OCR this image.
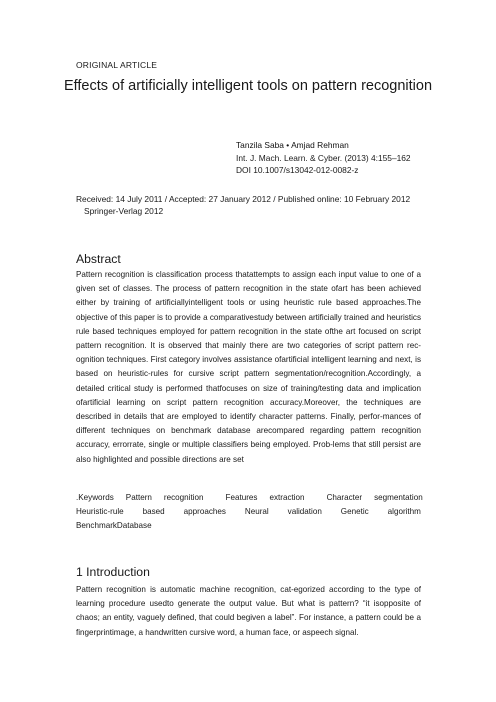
ORIGINAL ARTICLE
Effects of artificially intelligent tools on pattern recognition
Tanzila Saba • Amjad Rehman
Int. J. Mach. Learn. & Cyber. (2013) 4:155–162
DOI 10.1007/s13042-012-0082-z
Received: 14 July 2011 / Accepted: 27 January 2012 / Published online: 10 February 2012
Springer-Verlag 2012
Abstract
Pattern recognition is classification process thatattempts to assign each input value to one of a given set of classes. The process of pattern recognition in the state ofart has been achieved either by training of artificiallyintelligent tools or using heuristic rule based approaches.The objective of this paper is to provide a comparativestudy between artificially trained and heuristics rule based techniques employed for pattern recognition in the state ofthe art focused on script pattern recognition. It is observed that mainly there are two categories of script pattern rec-ognition techniques. First category involves assistance ofartificial intelligent learning and next, is based on heuristic-rules for cursive script pattern segmentation/recognition.Accordingly, a detailed critical study is performed thatfocuses on size of training/testing data and implication ofartificial learning on script pattern recognition accuracy.Moreover, the techniques are described in details that are employed to identify character patterns. Finally, perfor-mances of different techniques on benchmark database arecompared regarding pattern recognition accuracy, errorrate, single or multiple classifiers being employed. Prob-lems that still persist are also highlighted and possible directions are set
.Keywords Pattern recognition	Features extraction	Character segmentation
Heuristic-rule based approaches Neural validation Genetic algorithm
BenchmarkDatabase
1 Introduction
Pattern recognition is automatic machine recognition, cat-egorized according to the type of learning procedure usedto generate the output value. But what is pattern? “it isopposite of chaos; an entity, vaguely defined, that could begiven a label”. For instance, a pattern could be a fingerprintimage, a handwritten cursive word, a human face, or aspeech signal.
